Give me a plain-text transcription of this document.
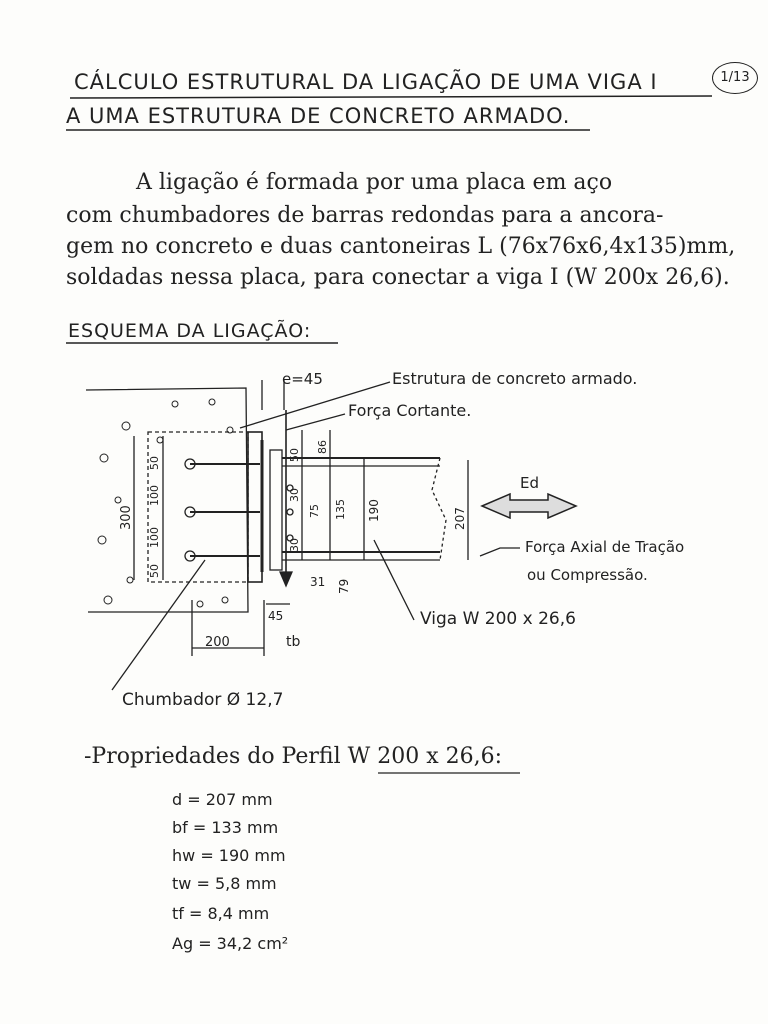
CÁLCULO ESTRUTURAL DA LIGAÇÃO DE UMA VIGA I
A UMA ESTRUTURA DE CONCRETO ARMADO.
1/13
A ligação é formada por uma placa em aço
com chumbadores de barras redondas para a ancora-
gem no concreto e duas cantoneiras L (76x76x6,4x135)mm,
soldadas nessa placa, para conectar a viga I (W 200x 26,6).
ESQUEMA DA LIGAÇÃO:
e=45	Estrutura de concreto armado.
Força Cortante.
Ed
Força Axial de Tração
ou Compressão.
Viga W 200 x 26,6
Chumbador Ø 12,7
tb
200
45
31 79
300
50
100
100
50
50
86
30
75
30
135 190	207
-Propriedades do Perfil W 200 x 26,6:
d = 207 mm
bf = 133 mm
hw = 190 mm
tw = 5,8 mm
tf = 8,4 mm
Ag = 34,2 cm²
